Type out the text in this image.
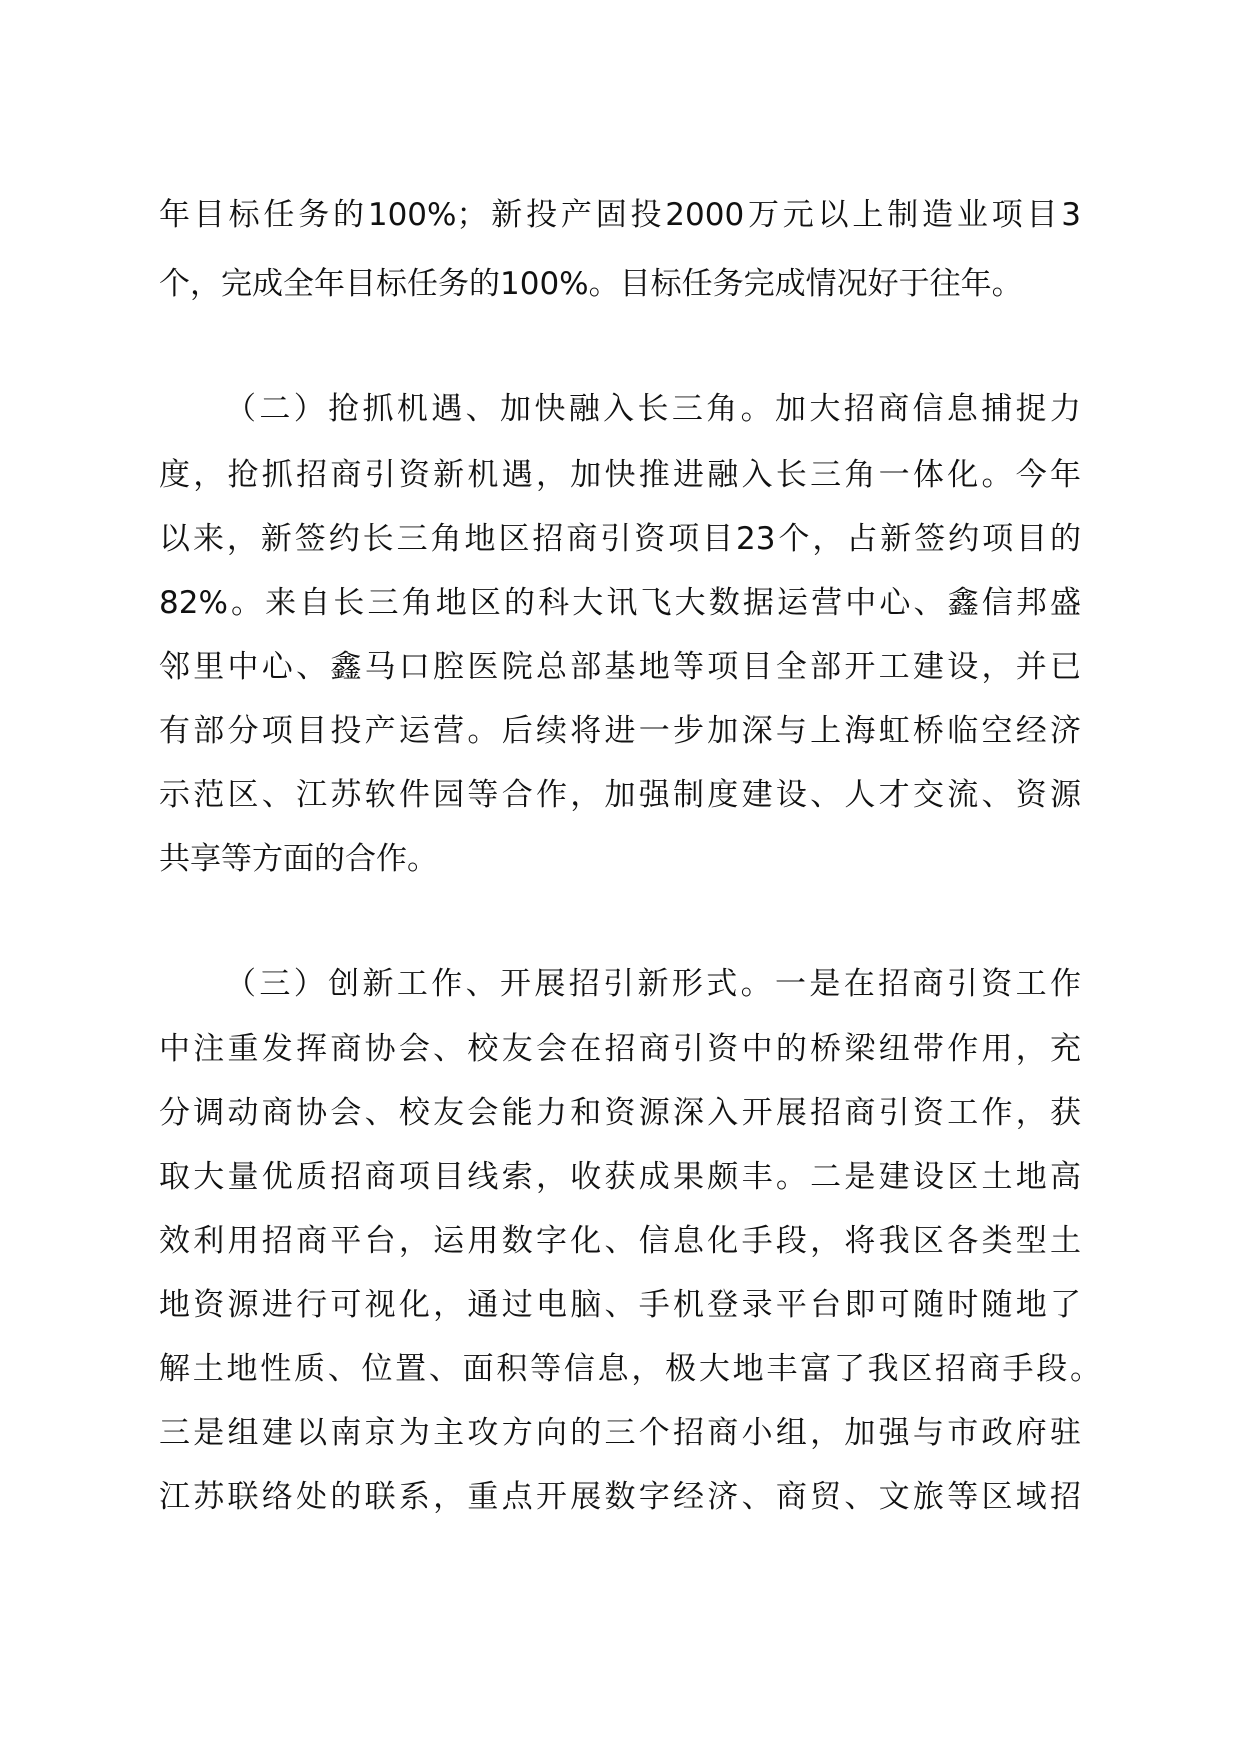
年目标任务的100%；新投产固投2000万元以上制造业项目3
个，完成全年目标任务的100%。目标任务完成情况好于往年。
（二）抢抓机遇、加快融入长三角。加大招商信息捕捉力
度，抢抓招商引资新机遇，加快推进融入长三角一体化。今年
以来，新签约长三角地区招商引资项目23个，占新签约项目的
82%。来自长三角地区的科大讯飞大数据运营中心、鑫信邦盛
邻里中心、鑫马口腔医院总部基地等项目全部开工建设，并已
有部分项目投产运营。后续将进一步加深与上海虹桥临空经济
示范区、江苏软件园等合作，加强制度建设、人才交流、资源
共享等方面的合作。
（三）创新工作、开展招引新形式。一是在招商引资工作
中注重发挥商协会、校友会在招商引资中的桥梁纽带作用，充
分调动商协会、校友会能力和资源深入开展招商引资工作，获
取大量优质招商项目线索，收获成果颇丰。二是建设区土地高
效利用招商平台，运用数字化、信息化手段，将我区各类型土
地资源进行可视化，通过电脑、手机登录平台即可随时随地了
解土地性质、位置、面积等信息，极大地丰富了我区招商手段。
三是组建以南京为主攻方向的三个招商小组，加强与市政府驻
江苏联络处的联系，重点开展数字经济、商贸、文旅等区域招
